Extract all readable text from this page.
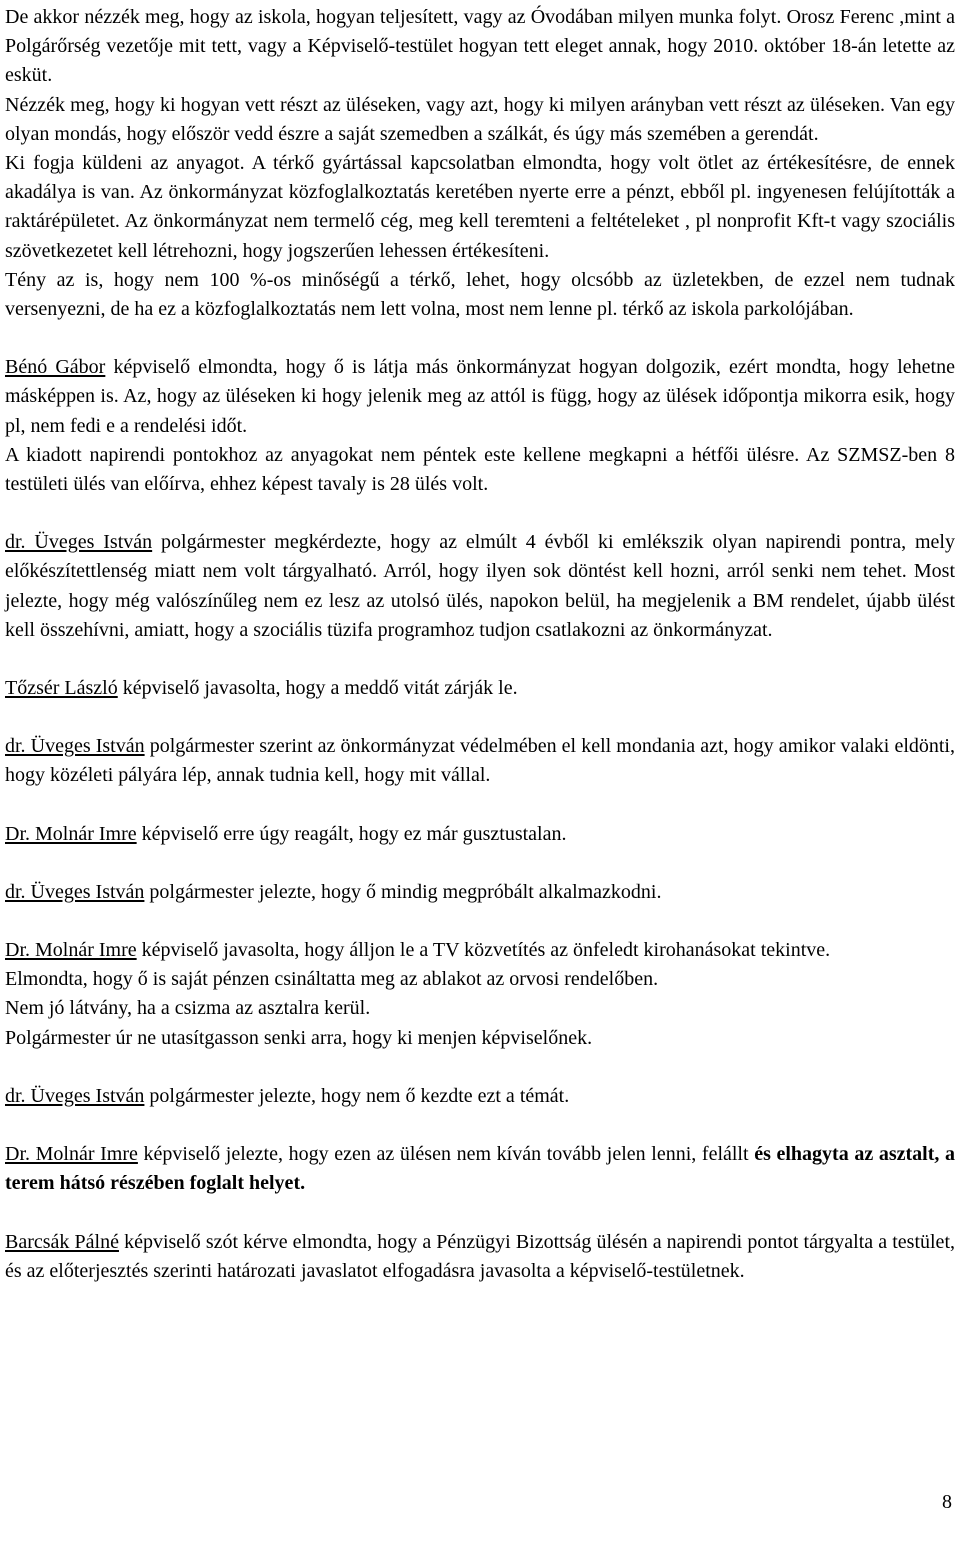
De akkor nézzék meg, hogy az iskola, hogyan teljesített, vagy az Óvodában milyen munka folyt. Orosz Ferenc ,mint a Polgárőrség vezetője mit tett, vagy a Képviselő-testület hogyan tett eleget annak, hogy 2010. október 18-án letette az esküt.

Nézzék meg, hogy ki hogyan vett részt az üléseken, vagy azt, hogy ki milyen arányban vett részt az üléseken. Van egy olyan mondás, hogy először vedd észre a saját szemedben a szálkát, és úgy más szemében a gerendát.

Ki fogja küldeni az anyagot. A térkő gyártással kapcsolatban elmondta, hogy volt ötlet az értékesítésre, de ennek akadálya is van. Az önkormányzat közfoglalkoztatás keretében nyerte erre a pénzt, ebből pl. ingyenesen felújították a raktárépületet. Az önkormányzat nem termelő cég, meg kell teremteni a feltételeket , pl nonprofit Kft-t vagy szociális szövetkezetet kell létrehozni, hogy jogszerűen lehessen értékesíteni.

Tény az is, hogy nem 100 %-os minőségű a térkő, lehet, hogy olcsóbb az üzletekben, de ezzel nem tudnak versenyezni, de ha ez a közfoglalkoztatás nem lett volna, most nem lenne pl. térkő az iskola parkolójában.

Bénó Gábor képviselő elmondta, hogy ő is látja más önkormányzat hogyan dolgozik, ezért mondta, hogy lehetne másképpen is. Az, hogy az üléseken ki hogy jelenik meg az attól is függ, hogy az ülések időpontja mikorra esik, hogy pl, nem fedi e a rendelési időt.

A kiadott napirendi pontokhoz az anyagokat nem péntek este kellene megkapni a hétfői ülésre. Az SZMSZ-ben 8 testületi ülés van előírva, ehhez képest tavaly is 28 ülés volt.

dr. Üveges István polgármester megkérdezte, hogy az elmúlt 4 évből ki emlékszik olyan napirendi pontra, mely előkészítettlenség miatt nem volt tárgyalható. Arról, hogy ilyen sok döntést kell hozni, arról senki nem tehet. Most jelezte, hogy még valószínűleg nem ez lesz az utolsó ülés, napokon belül, ha megjelenik a BM rendelet, újabb ülést kell összehívni, amiatt, hogy a szociális tüzifa programhoz tudjon csatlakozni az önkormányzat.

Tőzsér László képviselő javasolta, hogy a meddő vitát zárják le.

dr. Üveges István polgármester szerint az önkormányzat védelmében el kell mondania azt, hogy amikor valaki eldönti, hogy közéleti pályára lép, annak tudnia kell, hogy mit vállal.

Dr. Molnár Imre képviselő erre úgy reagált, hogy ez már gusztustalan.

dr. Üveges István polgármester jelezte, hogy ő mindig megpróbált alkalmazkodni.

Dr. Molnár Imre képviselő javasolta, hogy álljon le a TV közvetítés az önfeledt kirohanásokat tekintve.

Elmondta, hogy ő is saját pénzen csináltatta meg az ablakot az orvosi rendelőben.

Nem jó látvány, ha a csizma az asztalra kerül.

Polgármester úr ne utasítgasson senki arra, hogy ki menjen képviselőnek.

dr. Üveges István polgármester jelezte, hogy nem ő kezdte ezt a témát.

Dr. Molnár Imre képviselő jelezte, hogy ezen az ülésen nem kíván tovább jelen lenni, felállt és elhagyta az asztalt, a terem hátsó részében foglalt helyet.

Barcsák Pálné képviselő szót kérve elmondta, hogy a Pénzügyi Bizottság ülésén a napirendi pontot tárgyalta a testület, és az előterjesztés szerinti határozati javaslatot elfogadásra javasolta a képviselő-testületnek.

8
